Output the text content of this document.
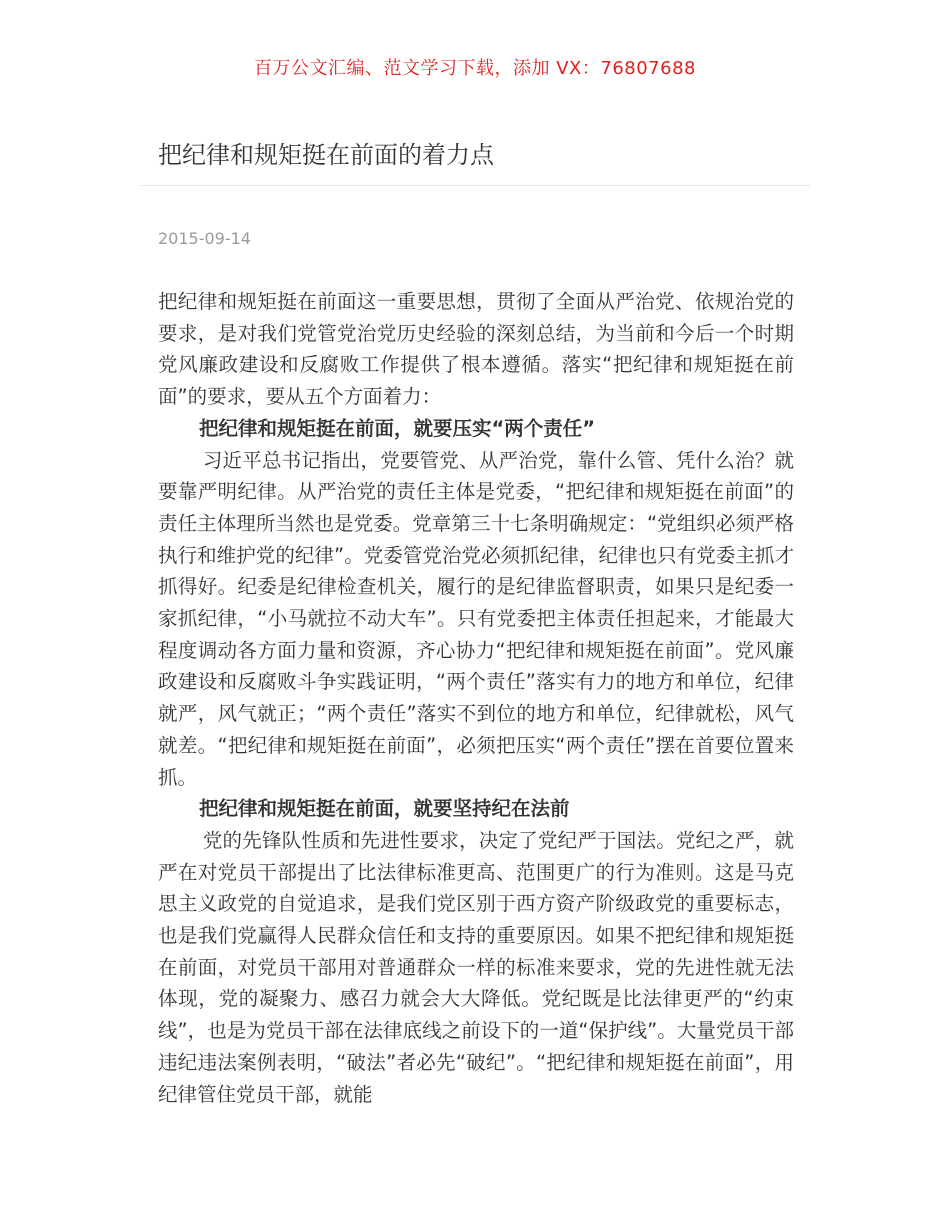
百万公文汇编、范文学习下载，添加 VX：76807688
把纪律和规矩挺在前面的着力点
2015-09-14

把纪律和规矩挺在前面这一重要思想，贯彻了全面从严治党、依规治党的要求，是对我们党管党治党历史经验的深刻总结，为当前和今后一个时期党风廉政建设和反腐败工作提供了根本遵循。落实“把纪律和规矩挺在前面”的要求，要从五个方面着力：

把纪律和规矩挺在前面，就要压实“两个责任”

习近平总书记指出，党要管党、从严治党，靠什么管、凭什么治？就要靠严明纪律。从严治党的责任主体是党委，“把纪律和规矩挺在前面”的责任主体理所当然也是党委。党章第三十七条明确规定：“党组织必须严格执行和维护党的纪律”。党委管党治党必须抓纪律，纪律也只有党委主抓才抓得好。纪委是纪律检查机关，履行的是纪律监督职责，如果只是纪委一家抓纪律，“小马就拉不动大车”。只有党委把主体责任担起来，才能最大程度调动各方面力量和资源，齐心协力“把纪律和规矩挺在前面”。党风廉政建设和反腐败斗争实践证明，“两个责任”落实有力的地方和单位，纪律就严，风气就正；“两个责任”落实不到位的地方和单位，纪律就松，风气就差。“把纪律和规矩挺在前面”，必须把压实“两个责任”摆在首要位置来抓。

把纪律和规矩挺在前面，就要坚持纪在法前

党的先锋队性质和先进性要求，决定了党纪严于国法。党纪之严，就严在对党员干部提出了比法律标准更高、范围更广的行为准则。这是马克思主义政党的自觉追求，是我们党区别于西方资产阶级政党的重要标志，也是我们党赢得人民群众信任和支持的重要原因。如果不把纪律和规矩挺在前面，对党员干部用对普通群众一样的标准来要求，党的先进性就无法体现，党的凝聚力、感召力就会大大降低。党纪既是比法律更严的“约束线”，也是为党员干部在法律底线之前设下的一道“保护线”。大量党员干部违纪违法案例表明，“破法”者必先“破纪”。“把纪律和规矩挺在前面”，用纪律管住党员干部，就能
